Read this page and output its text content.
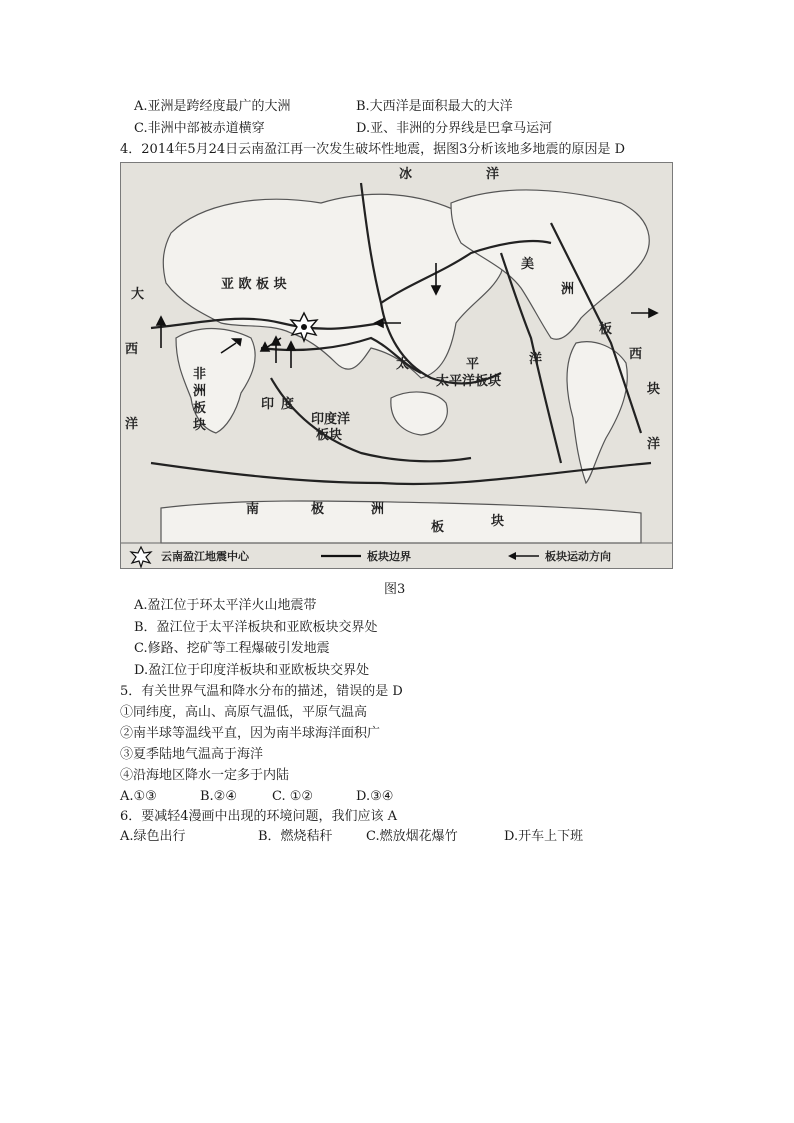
A.亚洲是跨经度最广的大洲	B.大西洋是面积最大的大洋
C.非洲中部被赤道横穿	D.亚、非洲的分界线是巴拿马运河
4．2014年5月24日云南盈江再一次发生破坏性地震，据图3分析该地多地震的原因是 D
亚 欧 板 块
非
洲
板
块
印 度
印度洋
板块
太	平
太平洋板块
洋
大
西
洋
西
块
洋
美
洲
板
冰	洋
南	极	洲
板	块
云南盈江地震中心	板块边界	板块运动方向
图3
A.盈江位于环太平洋火山地震带
B．盈江位于太平洋板块和亚欧板块交界处
C.修路、挖矿等工程爆破引发地震
D.盈江位于印度洋板块和亚欧板块交界处
5．有关世界气温和降水分布的描述，错误的是 D
①同纬度，高山、高原气温低，平原气温高
②南半球等温线平直，因为南半球海洋面积广
③夏季陆地气温高于海洋
④沿海地区降水一定多于内陆
A.①③	B.②④	C. ①②	D.③④
6．要减轻4漫画中出现的环境问题，我们应该 A
A.绿色出行	B．燃烧秸秆	C.燃放烟花爆竹	D.开车上下班
